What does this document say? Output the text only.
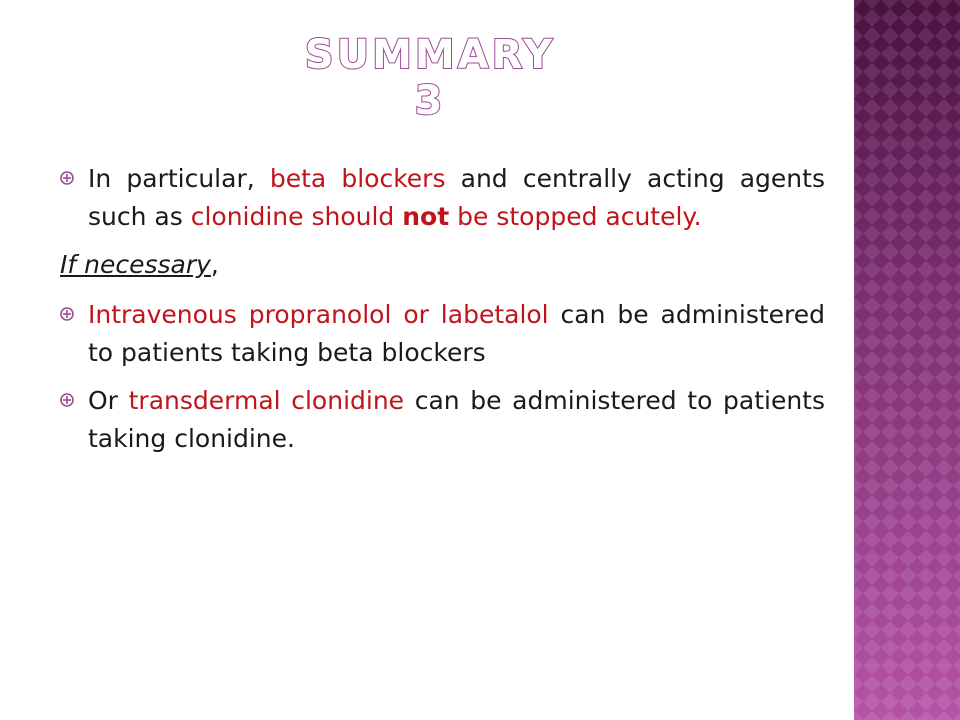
SUMMARY 3
In particular, beta blockers and centrally acting agents such as clonidine should not be stopped acutely.
If necessary,
Intravenous propranolol or labetalol can be administered to patients taking beta blockers
Or transdermal clonidine can be administered to patients taking clonidine.
